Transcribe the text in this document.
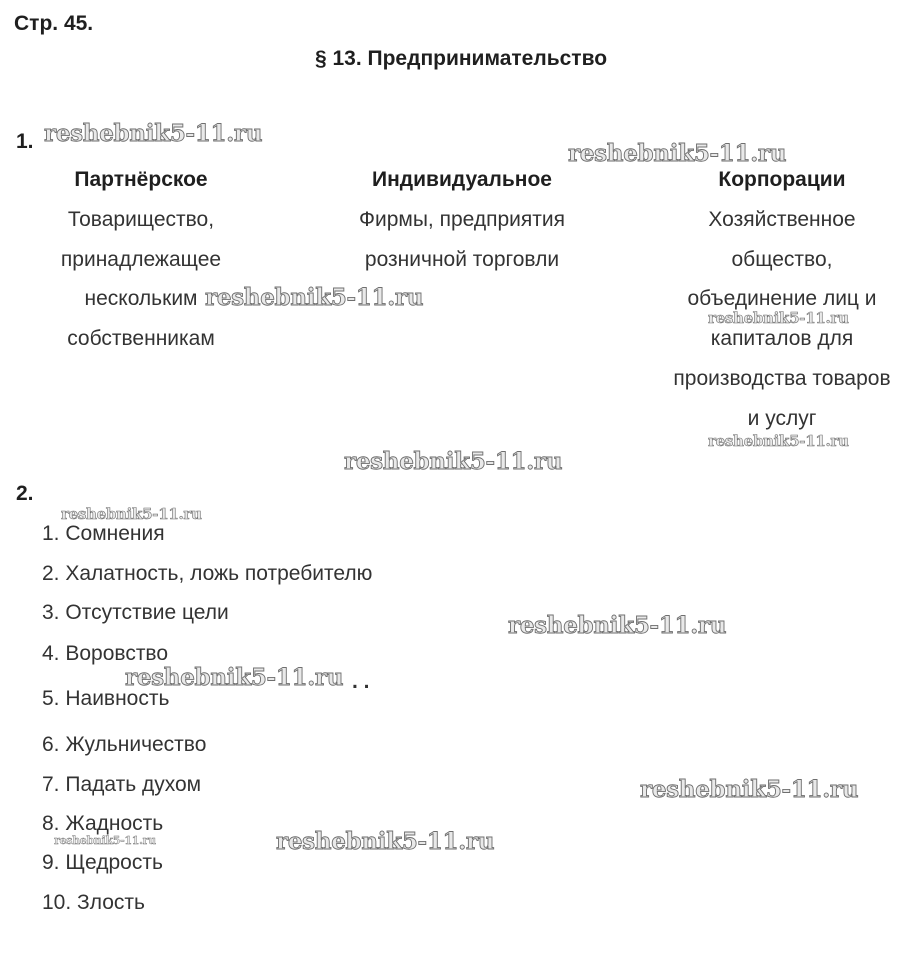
Стр. 45.
§ 13. Предпринимательство
1.
Партнёрское
Товарищество,
принадлежащее
нескольким
собственникам
Индивидуальное
Фирмы, предприятия
розничной торговли
Корпорации
Хозяйственное
общество,
объединение лиц и
капиталов для
производства товаров
и услуг
2.
1. Сомнения
2. Халатность, ложь потребителю
3. Отсутствие цели
4. Воровство
5. Наивность
6. Жульничество
7. Падать духом
8. Жадность
9. Щедрость
10. Злость
. .
reshebnik5-11.ru
reshebnik5-11.ru
reshebnik5-11.ru
reshebnik5-11.ru
reshebnik5-11.ru
reshebnik5-11.ru
reshebnik5-11.ru
reshebnik5-11.ru
reshebnik5-11.ru
reshebnik5-11.ru
reshebnik5-11.ru	reshebnik5-11.ru
